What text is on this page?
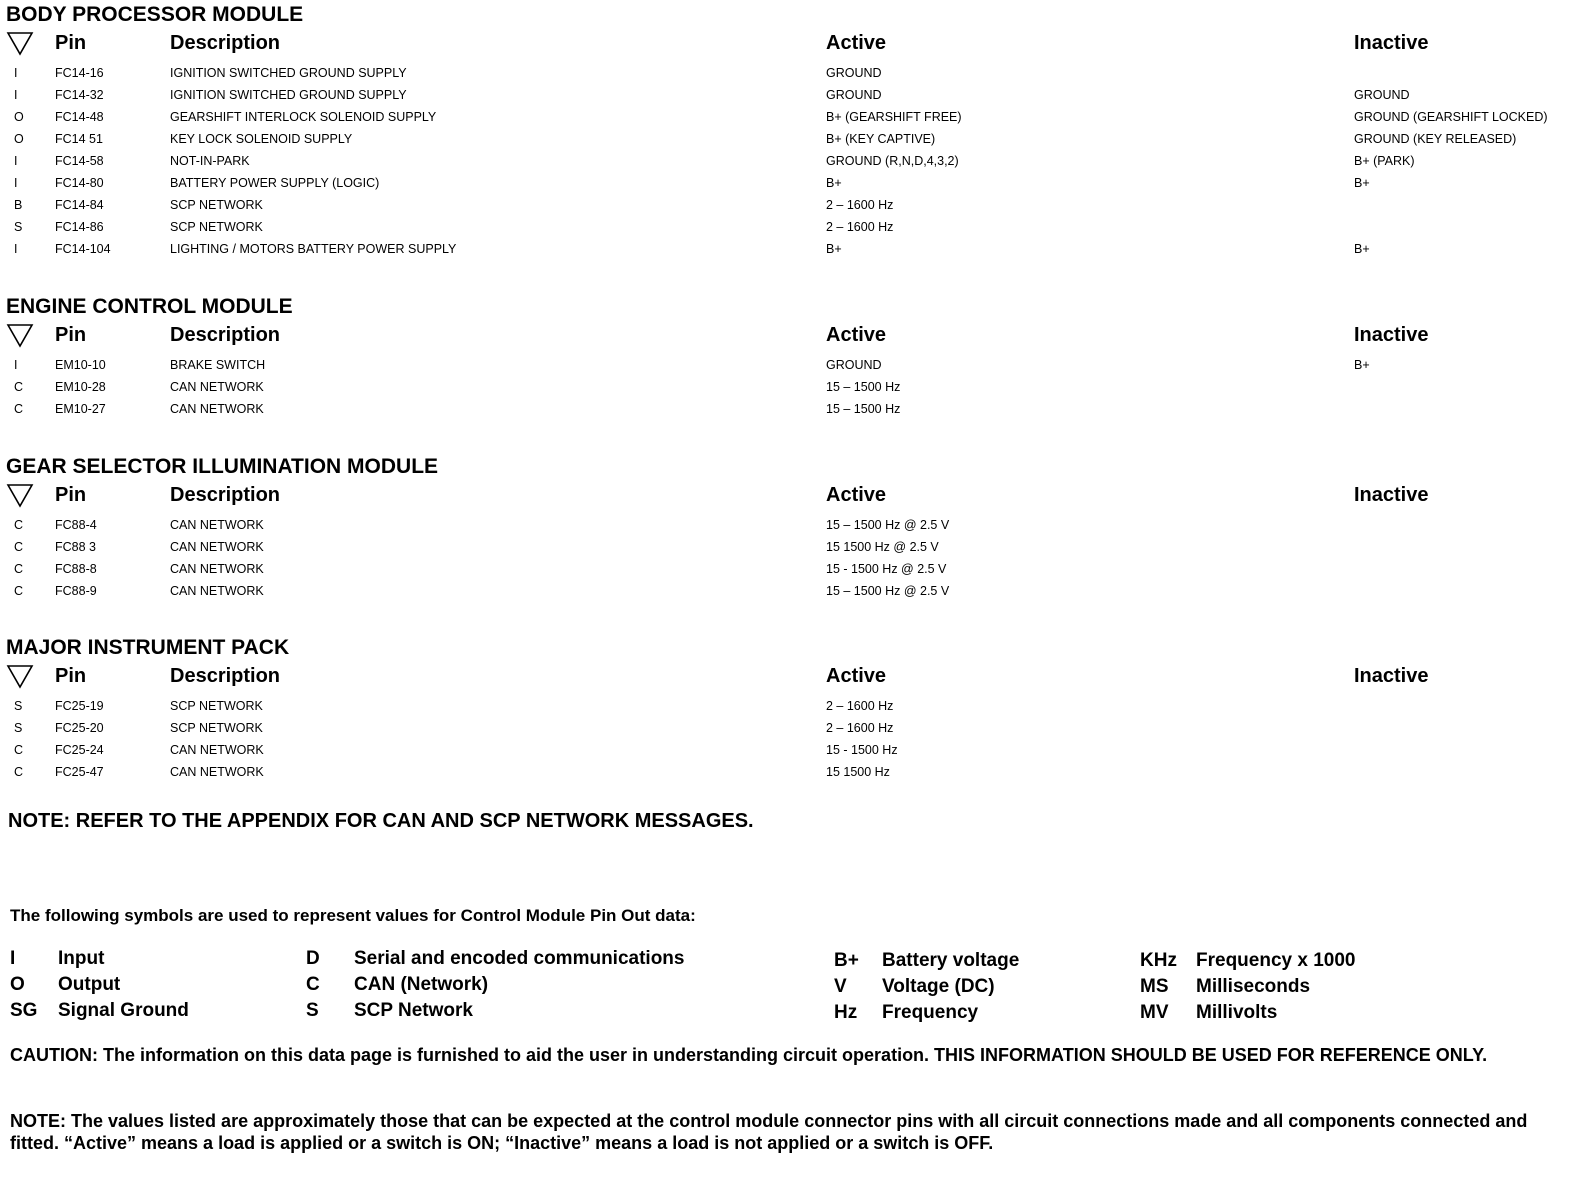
BODY PROCESSOR MODULE
Pin	Description	Active	Inactive
I	FC14-16	IGNITION SWITCHED GROUND SUPPLY	GROUND
I	FC14-32	IGNITION SWITCHED GROUND SUPPLY	GROUND	GROUND
O	FC14-48	GEARSHIFT INTERLOCK SOLENOID SUPPLY	B+ (GEARSHIFT FREE)	GROUND (GEARSHIFT LOCKED)
O	FC14 51	KEY LOCK SOLENOID SUPPLY	B+ (KEY CAPTIVE)	GROUND (KEY RELEASED)
I	FC14-58	NOT-IN-PARK	GROUND (R,N,D,4,3,2)	B+ (PARK)
I	FC14-80	BATTERY POWER SUPPLY (LOGIC)	B+	B+
B	FC14-84	SCP NETWORK	2 – 1600 Hz
S	FC14-86	SCP NETWORK	2 – 1600 Hz
I	FC14-104	LIGHTING / MOTORS BATTERY POWER SUPPLY	B+	B+
ENGINE CONTROL MODULE
Pin	Description	Active	Inactive
I	EM10-10	BRAKE SWITCH	GROUND	B+
C	EM10-28	CAN NETWORK	15 – 1500 Hz
C	EM10-27	CAN NETWORK	15 – 1500 Hz
GEAR SELECTOR ILLUMINATION MODULE
Pin	Description	Active	Inactive
C	FC88-4	CAN NETWORK	15 – 1500 Hz @ 2.5 V
C	FC88 3	CAN NETWORK	15 1500 Hz @ 2.5 V
C	FC88-8	CAN NETWORK	15 - 1500 Hz @ 2.5 V
C	FC88-9	CAN NETWORK	15 – 1500 Hz @ 2.5 V
MAJOR INSTRUMENT PACK
Pin	Description	Active	Inactive
S	FC25-19	SCP NETWORK	2 – 1600 Hz
S	FC25-20	SCP NETWORK	2 – 1600 Hz
C	FC25-24	CAN NETWORK	15 - 1500 Hz
C	FC25-47	CAN NETWORK	15 1500 Hz
NOTE: REFER TO THE APPENDIX FOR CAN AND SCP NETWORK MESSAGES.
The following symbols are used to represent values for Control Module Pin Out data:
I Input
O Output
SG Signal Ground
D Serial and encoded communications
C CAN (Network)
S SCP Network
B+ Battery voltage
V Voltage (DC)
Hz Frequency
KHz Frequency x 1000
MS Milliseconds
MV Millivolts
CAUTION: The information on this data page is furnished to aid the user in understanding circuit operation. THIS INFORMATION SHOULD BE USED FOR REFERENCE ONLY.
NOTE: The values listed are approximately those that can be expected at the control module connector pins with all circuit connections made and all components connected and fitted. “Active” means a load is applied or a switch is ON; “Inactive” means a load is not applied or a switch is OFF.
